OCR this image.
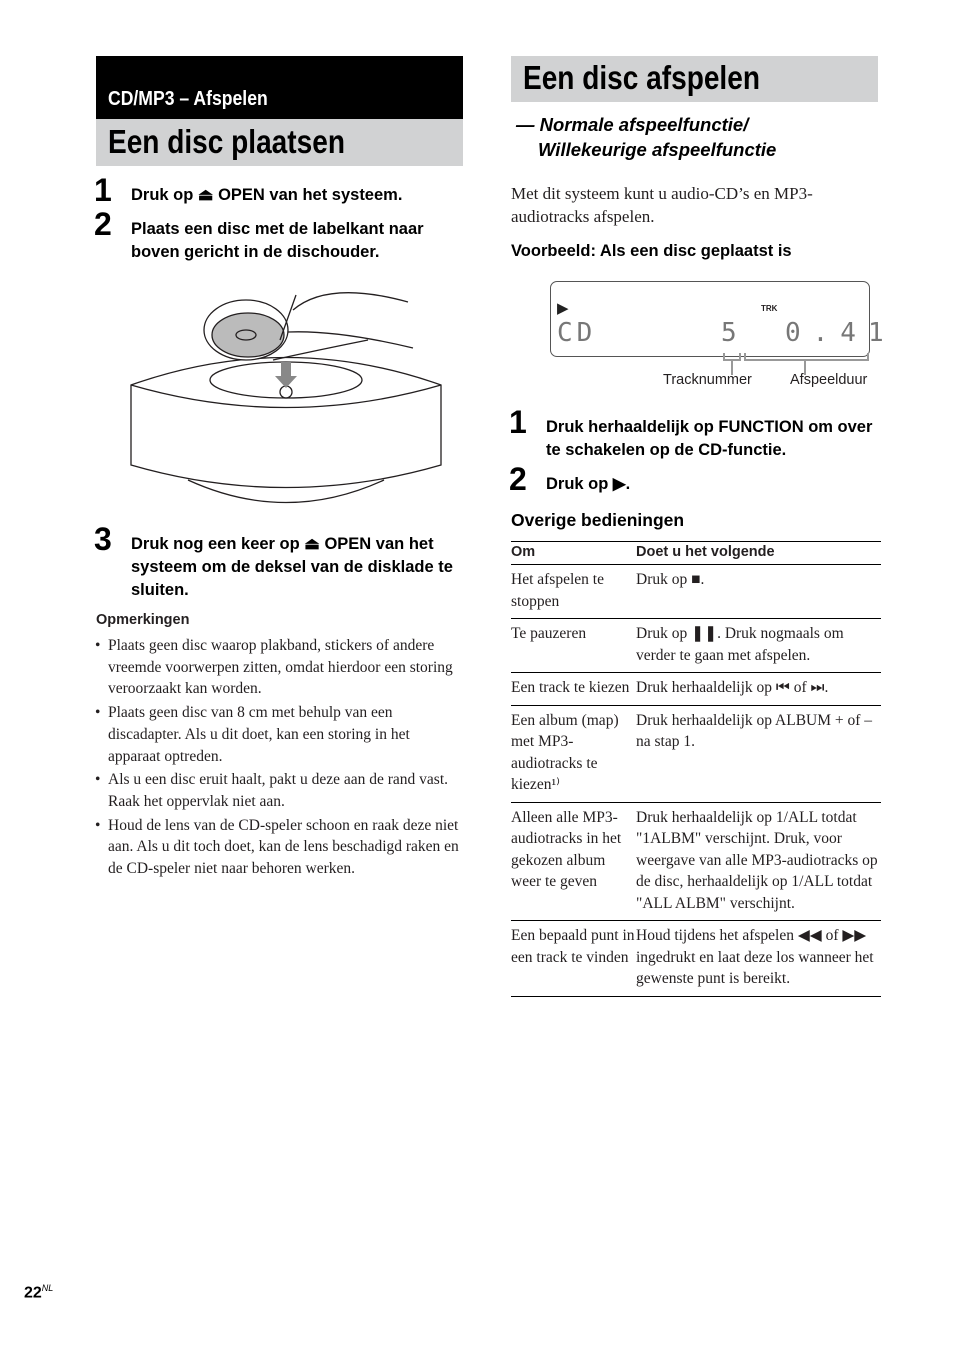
CD/MP3 – Afspelen
Een disc plaatsen
1 Druk op ⏏ OPEN van het systeem.
2 Plaats een disc met de labelkant naar boven gericht in de dischouder.
3 Druk nog een keer op ⏏ OPEN van het systeem om de deksel van de disklade te sluiten.
Opmerkingen
• Plaats geen disc waarop plakband, stickers of andere vreemde voorwerpen zitten, omdat hierdoor een storing veroorzaakt kan worden.
• Plaats geen disc van 8 cm met behulp van een discadapter. Als u dit doet, kan een storing in het apparaat optreden.
• Als u een disc eruit haalt, pakt u deze aan de rand vast. Raak het oppervlak niet aan.
• Houd de lens van de CD-speler schoon en raak deze niet aan. Als u dit toch doet, kan de lens beschadigd raken en de CD-speler niet naar behoren werken.
Een disc afspelen
— Normale afspeelfunctie/
Willekeurige afspeelfunctie
Met dit systeem kunt u audio-CD’s en MP3-audiotracks afspelen.
Voorbeeld: Als een disc geplaatst is
▶	TRK
CD	5 0.41
Tracknummer	Afspeelduur
1 Druk herhaaldelijk op FUNCTION om over te schakelen op de CD-functie.
2 Druk op ▶.
Overige bedieningen
Om	Doet u het volgende
Het afspelen te stoppen	Druk op ■.
Te pauzeren	Druk op ❚❚. Druk nogmaals om verder te gaan met afspelen.
Een track te kiezen	Druk herhaaldelijk op ⏮ of ⏭.
Een album (map) met MP3-audiotracks te kiezen¹⁾	Druk herhaaldelijk op ALBUM + of – na stap 1.
Alleen alle MP3-audiotracks in het gekozen album weer te geven	Druk herhaaldelijk op 1/ALL totdat "1ALBM" verschijnt. Druk, voor weergave van alle MP3-audiotracks op de disc, herhaaldelijk op 1/ALL totdat "ALL ALBM" verschijnt.
Een bepaald punt in een track te vinden	Houd tijdens het afspelen ◀◀ of ▶▶ ingedrukt en laat deze los wanneer het gewenste punt is bereikt.
$22^{NL}$
